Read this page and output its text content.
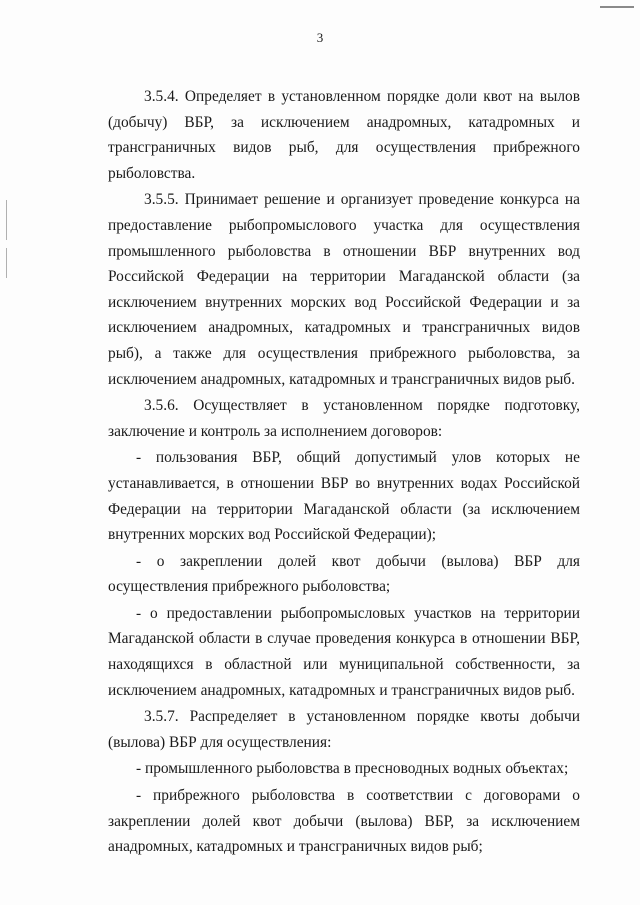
3

3.5.4. Определяет в установленном порядке доли квот на вылов (добычу) ВБР, за исключением анадромных, катадромных и трансграничных видов рыб, для осуществления прибрежного рыболовства.

3.5.5. Принимает решение и организует проведение конкурса на предоставление рыбопромыслового участка для осуществления промышленного рыболовства в отношении ВБР внутренних вод Российской Федерации на территории Магаданской области (за исключением внутренних морских вод Российской Федерации и за исключением анадромных, катадромных и трансграничных видов рыб), а также для осуществления прибрежного рыболовства, за исключением анадромных, катадромных и трансграничных видов рыб.

3.5.6. Осуществляет в установленном порядке подготовку, заключение и контроль за исполнением договоров:

- пользования ВБР, общий допустимый улов которых не устанавливается, в отношении ВБР во внутренних водах Российской Федерации на территории Магаданской области (за исключением внутренних морских вод Российской Федерации);

- о закреплении долей квот добычи (вылова) ВБР для осуществления прибрежного рыболовства;

- о предоставлении рыбопромысловых участков на территории Магаданской области в случае проведения конкурса в отношении ВБР, находящихся в областной или муниципальной собственности, за исключением анадромных, катадромных и трансграничных видов рыб.

3.5.7. Распределяет в установленном порядке квоты добычи (вылова) ВБР для осуществления:

- промышленного рыболовства в пресноводных водных объектах;

- прибрежного рыболовства в соответствии с договорами о закреплении долей квот добычи (вылова) ВБР, за исключением анадромных, катадромных и трансграничных видов рыб;
